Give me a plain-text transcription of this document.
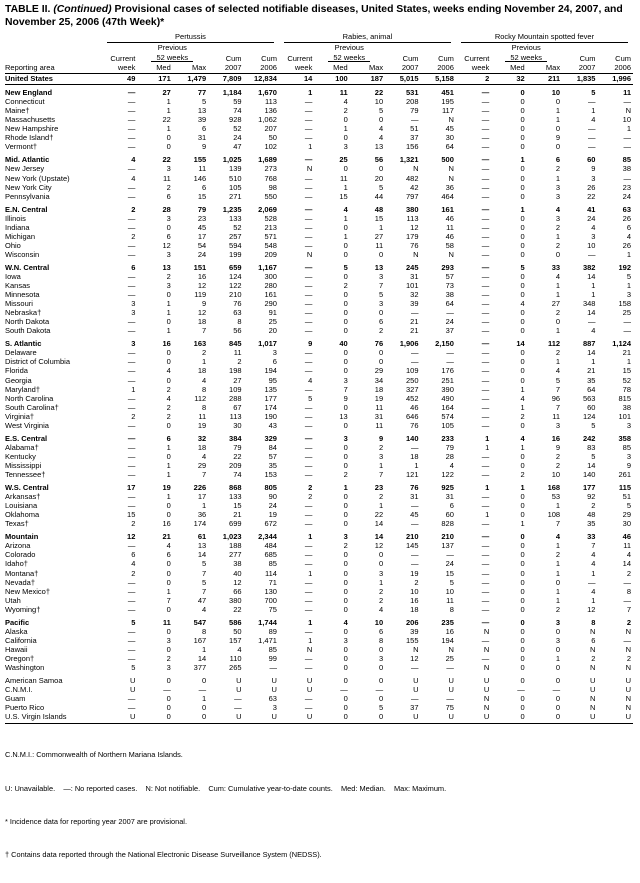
TABLE II. (Continued) Provisional cases of selected notifiable diseases, United States, weeks ending November 24, 2007, and November 25, 2006 (47th Week)*

	Pertussis					Rabies, animal					Rocky Mountain spotted fever				

		Previous					Previous					Previous			
	Current	52 weeks		Cum	Cum	Current	52 weeks		Cum	Cum	Current	52 weeks		Cum	Cum
Reporting area	week	Med	Max	2007	2006	week	Med	Max	2007	2006	week	Med	Max	2007	2006
United States	49	171	1,479	7,809	12,834	14	100	187	5,015	5,158	2	32	211	1,835	1,996
New England	—	27	77	1,184	1,670	1	11	22	531	451	—	0	10	5	11
Connecticut	—	1	5	59	113	—	4	10	208	195	—	0	0	—	—
Maine†	—	1	13	74	136	—	2	5	79	117	—	0	1	1	N
Massachusetts	—	22	39	928	1,062	—	0	0	—	N	—	0	1	4	10
New Hampshire	—	1	6	52	207	—	1	4	51	45	—	0	0	—	1
Rhode Island†	—	0	31	24	50	—	0	4	37	30	—	0	9	—	—
Vermont†	—	0	9	47	102	1	3	13	156	64	—	0	0	—	—
Mid. Atlantic	4	22	155	1,025	1,689	—	25	56	1,321	500	—	1	6	60	85
New Jersey	—	3	11	139	273	N	0	0	N	N	—	0	2	9	38
New York (Upstate)	4	11	146	510	768	—	11	20	482	N	—	0	1	3	—
New York City	—	2	6	105	98	—	1	5	42	36	—	0	3	26	23
Pennsylvania	—	6	15	271	550	—	15	44	797	464	—	0	3	22	24
E.N. Central	2	28	79	1,235	2,069	—	4	48	380	161	—	1	4	41	63
Illinois	—	3	23	133	528	—	1	15	113	46	—	0	3	24	26
Indiana	—	0	45	52	213	—	0	1	12	11	—	0	2	4	6
Michigan	2	6	17	257	571	—	1	27	179	46	—	0	1	3	4
Ohio	—	12	54	594	548	—	0	11	76	58	—	0	2	10	26
Wisconsin	—	3	24	199	209	N	0	0	N	N	—	0	0	—	1
W.N. Central	6	13	151	659	1,167	—	5	13	245	293	—	5	33	382	192
Iowa	—	2	16	124	300	—	0	3	31	57	—	0	4	14	5
Kansas	—	3	12	122	280	—	2	7	101	73	—	0	1	1	1
Minnesota	—	0	119	210	161	—	0	5	32	38	—	0	1	1	3
Missouri	3	1	9	76	290	—	0	3	39	64	—	4	27	348	158
Nebraska†	3	1	12	63	91	—	0	0	—	—	—	0	2	14	25
North Dakota	—	0	18	8	25	—	0	6	21	24	—	0	0	—	—
South Dakota	—	1	7	56	20	—	0	2	21	37	—	0	1	4	—
S. Atlantic	3	16	163	845	1,017	9	40	76	1,906	2,150	—	14	112	887	1,124
Delaware	—	0	2	11	3	—	0	0	—	—	—	0	2	14	21
District of Columbia	—	0	1	2	6	—	0	0	—	—	—	0	1	1	1
Florida	—	4	18	198	194	—	0	29	109	176	—	0	4	21	15
Georgia	—	0	4	27	95	4	3	34	250	251	—	0	5	35	52
Maryland†	1	2	8	109	135	—	7	18	327	390	—	1	7	64	78
North Carolina	—	4	112	288	177	5	9	19	452	490	—	4	96	563	815
South Carolina†	—	2	8	67	174	—	0	11	46	164	—	1	7	60	38
Virginia†	2	2	11	113	190	—	13	31	646	574	—	2	11	124	101
West Virginia	—	0	19	30	43	—	0	11	76	105	—	0	3	5	3
E.S. Central	—	6	32	384	329	—	3	9	140	233	1	4	16	242	358
Alabama†	—	1	18	79	84	—	0	2	—	79	1	1	9	83	85
Kentucky	—	0	4	22	57	—	0	3	18	28	—	0	2	5	3
Mississippi	—	1	29	209	35	—	0	1	1	4	—	0	2	14	9
Tennessee†	—	1	7	74	153	—	2	7	121	122	—	2	10	140	261
W.S. Central	17	19	226	868	805	2	1	23	76	925	1	1	168	177	115
Arkansas†	—	1	17	133	90	2	0	2	31	31	—	0	53	92	51
Louisiana	—	0	1	15	24	—	0	1	—	6	—	0	1	2	5
Oklahoma	15	0	36	21	19	—	0	22	45	60	1	0	108	48	29
Texas†	2	16	174	699	672	—	0	14	—	828	—	1	7	35	30
Mountain	12	21	61	1,023	2,344	1	3	14	210	210	—	0	4	33	46
Arizona	—	4	13	188	484	—	2	12	145	137	—	0	1	7	11
Colorado	6	6	14	277	685	—	0	0	—	—	—	0	2	4	4
Idaho†	4	0	5	38	85	—	0	0	—	24	—	0	1	4	14
Montana†	2	0	7	40	114	1	0	3	19	15	—	0	1	1	2
Nevada†	—	0	5	12	71	—	0	1	2	5	—	0	0	—	—
New Mexico†	—	1	7	66	130	—	0	2	10	10	—	0	1	4	8
Utah	—	7	47	380	700	—	0	2	16	11	—	0	1	1	—
Wyoming†	—	0	4	22	75	—	0	4	18	8	—	0	2	12	7
Pacific	5	11	547	586	1,744	1	4	10	206	235	—	0	3	8	2
Alaska	—	0	8	50	89	—	0	6	39	16	N	0	0	N	N
California	—	3	167	157	1,471	1	3	8	155	194	—	0	3	6	—
Hawaii	—	0	1	4	85	N	0	0	N	N	N	0	0	N	N
Oregon†	—	2	14	110	99	—	0	3	12	25	—	0	1	2	2
Washington	5	3	377	265	—	—	0	0	—	—	N	0	0	N	N
American Samoa	U	0	0	U	U	U	0	0	U	U	U	0	0	U	U
C.N.M.I.	U	—	—	U	U	U	—	—	U	U	U	—	—	U	U
Guam	—	0	1	—	63	—	0	0	—	—	N	0	0	N	N
Puerto Rico	—	0	0	—	3	—	0	5	37	75	N	0	0	N	N
U.S. Virgin Islands	U	0	0	U	U	U	0	0	U	U	U	0	0	U	U

C.N.M.I.: Commonwealth of Northern Mariana Islands.

U: Unavailable.    —: No reported cases.    N: Not notifiable.    Cum: Cumulative year-to-date counts.    Med: Median.    Max: Maximum.

* Incidence data for reporting year 2007 are provisional.

† Contains data reported through the National Electronic Disease Surveillance System (NEDSS).
